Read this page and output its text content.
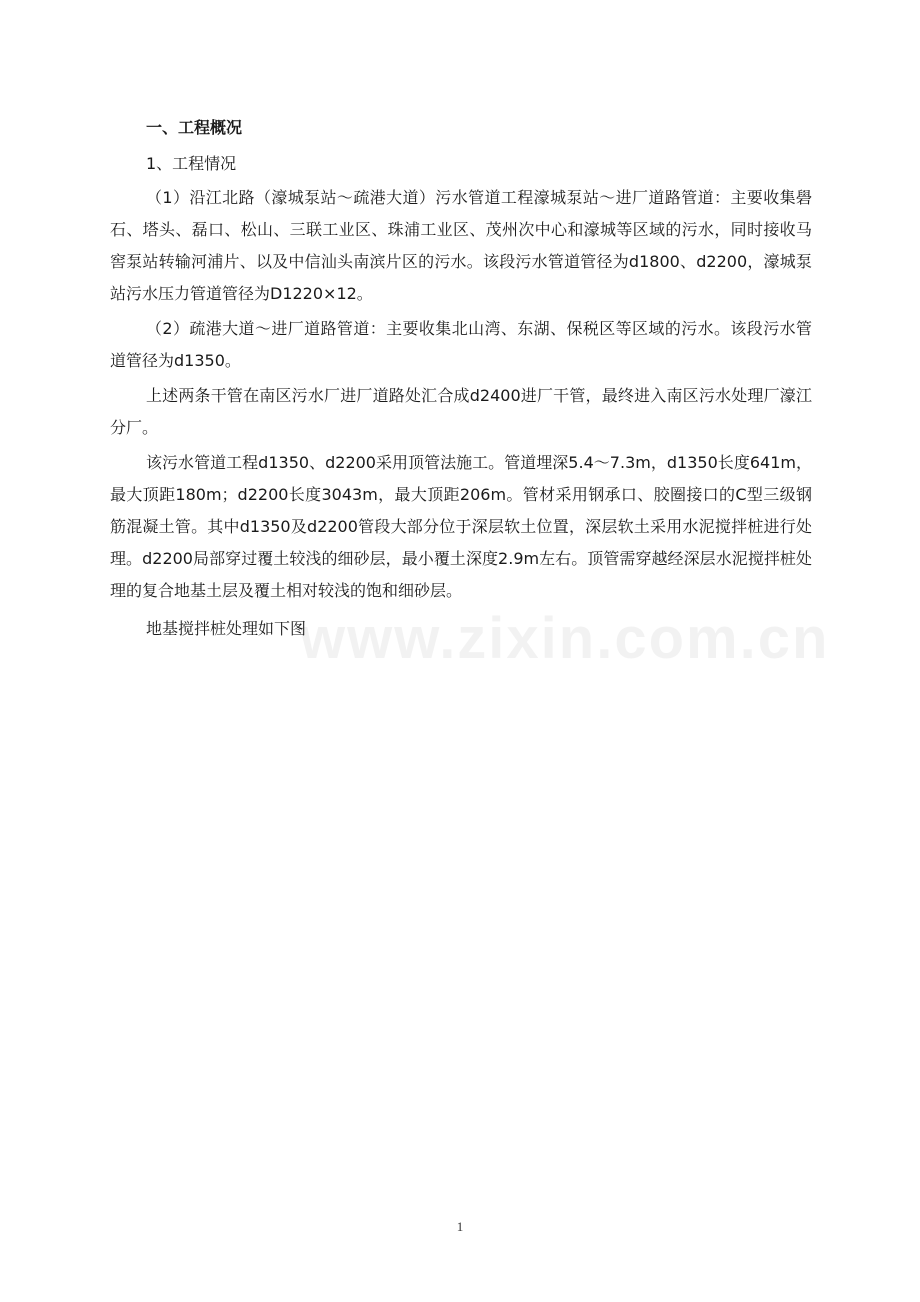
www.zixin.com.cn
一、工程概况
1、工程情况

（1）沿江北路（濠城泵站～疏港大道）污水管道工程濠城泵站～进厂道路管道：主要收集礐石、塔头、磊口、松山、三联工业区、珠浦工业区、茂州次中心和濠城等区域的污水，同时接收马窖泵站转输河浦片、以及中信汕头南滨片区的污水。该段污水管道管径为d1800、d2200，濠城泵站污水压力管道管径为D1220×12。

（2）疏港大道～进厂道路管道：主要收集北山湾、东湖、保税区等区域的污水。该段污水管道管径为d1350。

上述两条干管在南区污水厂进厂道路处汇合成d2400进厂干管，最终进入南区污水处理厂濠江分厂。

该污水管道工程d1350、d2200采用顶管法施工。管道埋深5.4～7.3m，d1350长度641m，最大顶距180m；d2200长度3043m，最大顶距206m。管材采用钢承口、胶圈接口的C型三级钢筋混凝土管。其中d1350及d2200管段大部分位于深层软土位置，深层软土采用水泥搅拌桩进行处理。d2200局部穿过覆土较浅的细砂层，最小覆土深度2.9m左右。顶管需穿越经深层水泥搅拌桩处理的复合地基土层及覆土相对较浅的饱和细砂层。

地基搅拌桩处理如下图
1
